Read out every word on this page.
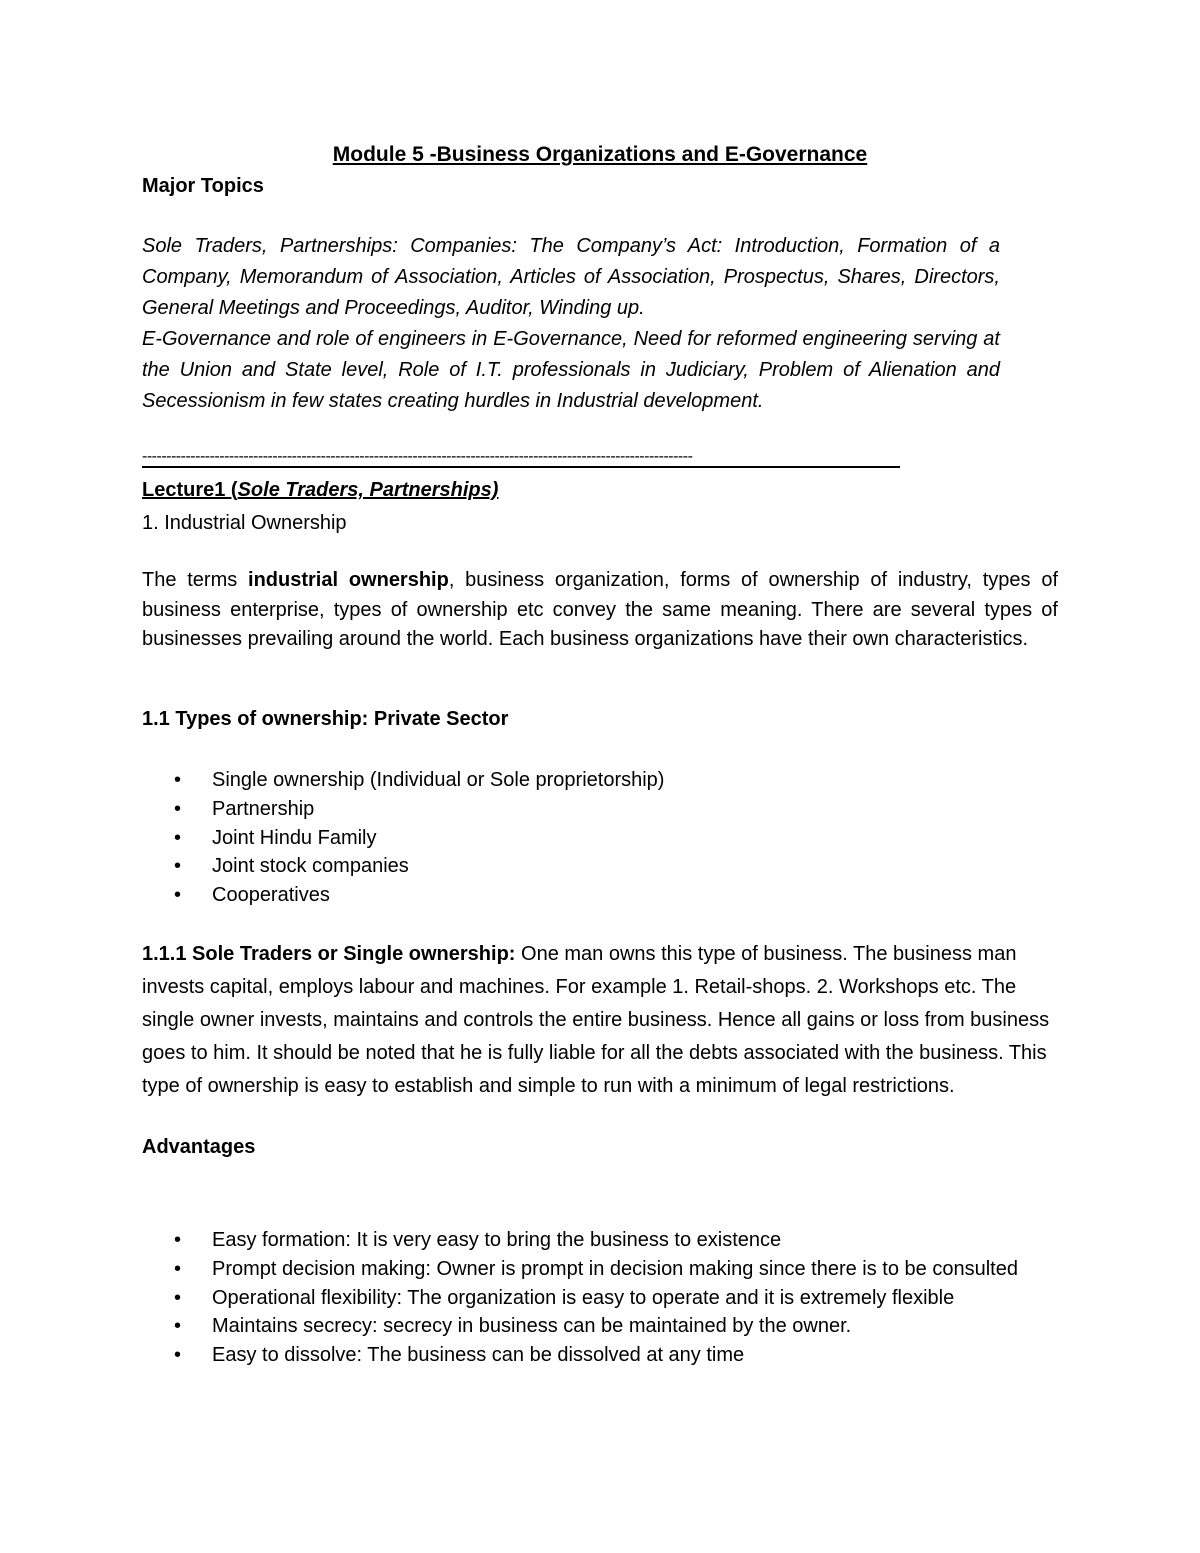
Module 5 -Business Organizations and E-Governance
Major Topics

Sole Traders, Partnerships: Companies: The Company’s Act: Introduction, Formation of a Company, Memorandum of Association, Articles of Association, Prospectus, Shares, Directors, General Meetings and Proceedings, Auditor, Winding up.

E-Governance and role of engineers in E-Governance, Need for reformed engineering serving at the Union and State level, Role of I.T. professionals in Judiciary, Problem of Alienation and Secessionism in few states creating hurdles in Industrial development.

------------------------------------------------------------------------------------------------------------------
Lecture1 (Sole Traders, Partnerships)
1. Industrial Ownership
The terms industrial ownership, business organization, forms of ownership of industry, types of business enterprise, types of ownership etc convey the same meaning. There are several types of businesses prevailing around the world. Each business organizations have their own characteristics.
1.1 Types of ownership: Private Sector
• Single ownership (Individual or Sole proprietorship)
• Partnership
• Joint Hindu Family
• Joint stock companies
• Cooperatives
1.1.1 Sole Traders or Single ownership: One man owns this type of business. The business man invests capital, employs labour and machines. For example 1. Retail-shops. 2. Workshops etc. The single owner invests, maintains and controls the entire business. Hence all gains or loss from business goes to him. It should be noted that he is fully liable for all the debts associated with the business. This type of ownership is easy to establish and simple to run with a minimum of legal restrictions.
Advantages
• Easy formation: It is very easy to bring the business to existence
• Prompt decision making: Owner is prompt in decision making since there is to be consulted
• Operational flexibility: The organization is easy to operate and it is extremely flexible
• Maintains secrecy: secrecy in business can be maintained by the owner.
• Easy to dissolve: The business can be dissolved at any time
